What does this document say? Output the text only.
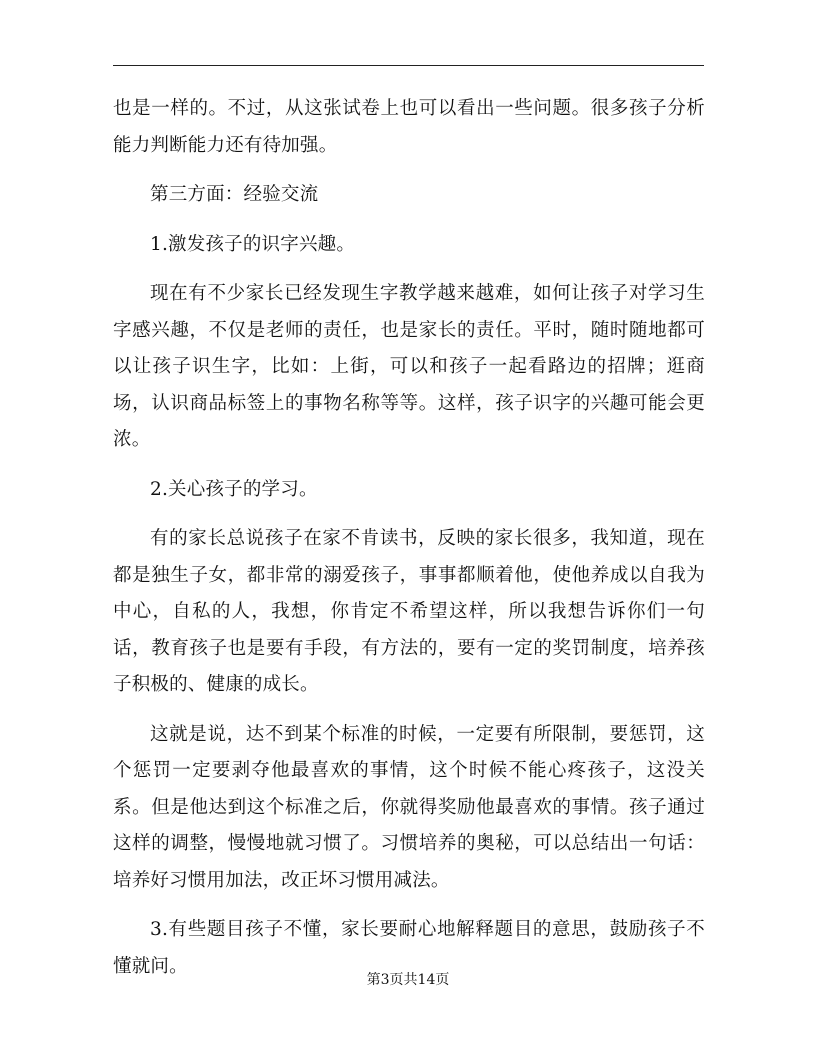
也是一样的。不过，从这张试卷上也可以看出一些问题。很多孩子分析能力判断能力还有待加强。

第三方面：经验交流

1.激发孩子的识字兴趣。

现在有不少家长已经发现生字教学越来越难，如何让孩子对学习生字感兴趣，不仅是老师的责任，也是家长的责任。平时，随时随地都可以让孩子识生字，比如：上街，可以和孩子一起看路边的招牌；逛商场，认识商品标签上的事物名称等等。这样，孩子识字的兴趣可能会更浓。

2.关心孩子的学习。

有的家长总说孩子在家不肯读书，反映的家长很多，我知道，现在都是独生子女，都非常的溺爱孩子，事事都顺着他，使他养成以自我为中心，自私的人，我想，你肯定不希望这样，所以我想告诉你们一句话，教育孩子也是要有手段，有方法的，要有一定的奖罚制度，培养孩子积极的、健康的成长。

这就是说，达不到某个标准的时候，一定要有所限制，要惩罚，这个惩罚一定要剥夺他最喜欢的事情，这个时候不能心疼孩子，这没关系。但是他达到这个标准之后，你就得奖励他最喜欢的事情。孩子通过这样的调整，慢慢地就习惯了。习惯培养的奥秘，可以总结出一句话：培养好习惯用加法，改正坏习惯用减法。

3.有些题目孩子不懂，家长要耐心地解释题目的意思，鼓励孩子不懂就问。

第3页共14页
